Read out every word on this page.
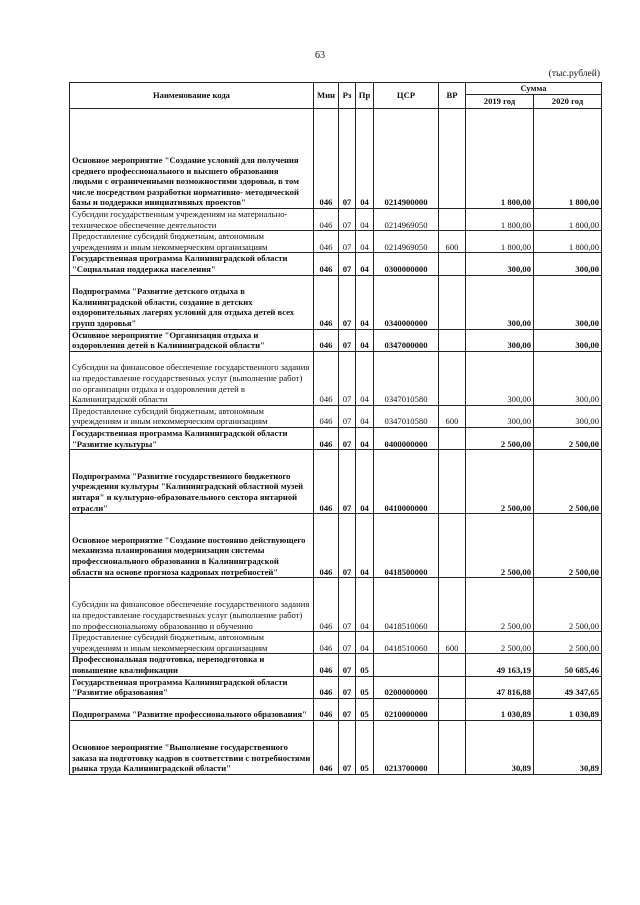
63
(тыс.рублей)
Наименование кода	Мин	Рз	Пр	ЦСР	ВР	Сумма	
						2019 год	2020 год
Основное мероприятие "Создание условий для получения среднего профессионального и высшего образования людьми с ограниченными возможностями здоровья, в том числе посредством разработки нормативно- методической базы и поддержки инициативных проектов"	046	07	04	0214900000		1 800,00	1 800,00
Субсидии государственным учреждениям на материально-техническое обеспечение деятельности	046	07	04	0214969050		1 800,00	1 800,00
Предоставление субсидий бюджетным, автономным учреждениям и иным некоммерческим организациям	046	07	04	0214969050	600	1 800,00	1 800,00
Государственная программа Калининградской области "Социальная поддержка населения"	046	07	04	0300000000		300,00	300,00
Подпрограмма "Развитие детского отдыха в Калининградской области, создание в детских оздоровительных лагерях условий для отдыха детей всех групп здоровья"	046	07	04	0340000000		300,00	300,00
Основное мероприятие "Организация отдыха и оздоровления детей в Калининградской области"	046	07	04	0347000000		300,00	300,00
Субсидии на финансовое обеспечение государственного задания на предоставление государственных услуг (выполнение работ) по организации отдыха и оздоровления детей в Калининградской области	046	07	04	0347010580		300,00	300,00
Предоставление субсидий бюджетным, автономным учреждениям и иным некоммерческим организациям	046	07	04	0347010580	600	300,00	300,00
Государственная программа Калининградской области "Развитие культуры"	046	07	04	0400000000		2 500,00	2 500,00
Подпрограмма "Развитие государственного бюджетного учреждения культуры "Калининградский областной музей янтаря" и культурно-образовательного сектора янтарной отрасли"	046	07	04	0410000000		2 500,00	2 500,00
Основное мероприятие "Создание постоянно действующего механизма планирования модернизации системы профессионального образования в Калининградской области на основе прогноза кадровых потребностей"	046	07	04	0418500000		2 500,00	2 500,00
Субсидии на финансовое обеспечение государственного задания на предоставление государственных услуг (выполнение работ) по профессиональному образованию и обучению	046	07	04	0418510060		2 500,00	2 500,00
Предоставление субсидий бюджетным, автономным учреждениям и иным некоммерческим организациям	046	07	04	0418510060	600	2 500,00	2 500,00
Профессиональная подготовка, переподготовка и повышение квалификации	046	07	05			49 163,19	50 685,46
Государственная программа Калининградской области "Развитие образования"	046	07	05	0200000000		47 816,88	49 347,65
Подпрограмма "Развитие профессионального образования"	046	07	05	0210000000		1 030,89	1 030,89
Основное мероприятие "Выполнение государственного заказа на подготовку кадров в соответствии с потребностями рынка труда Калининградской области"	046	07	05	0213700000		30,89	30,89
